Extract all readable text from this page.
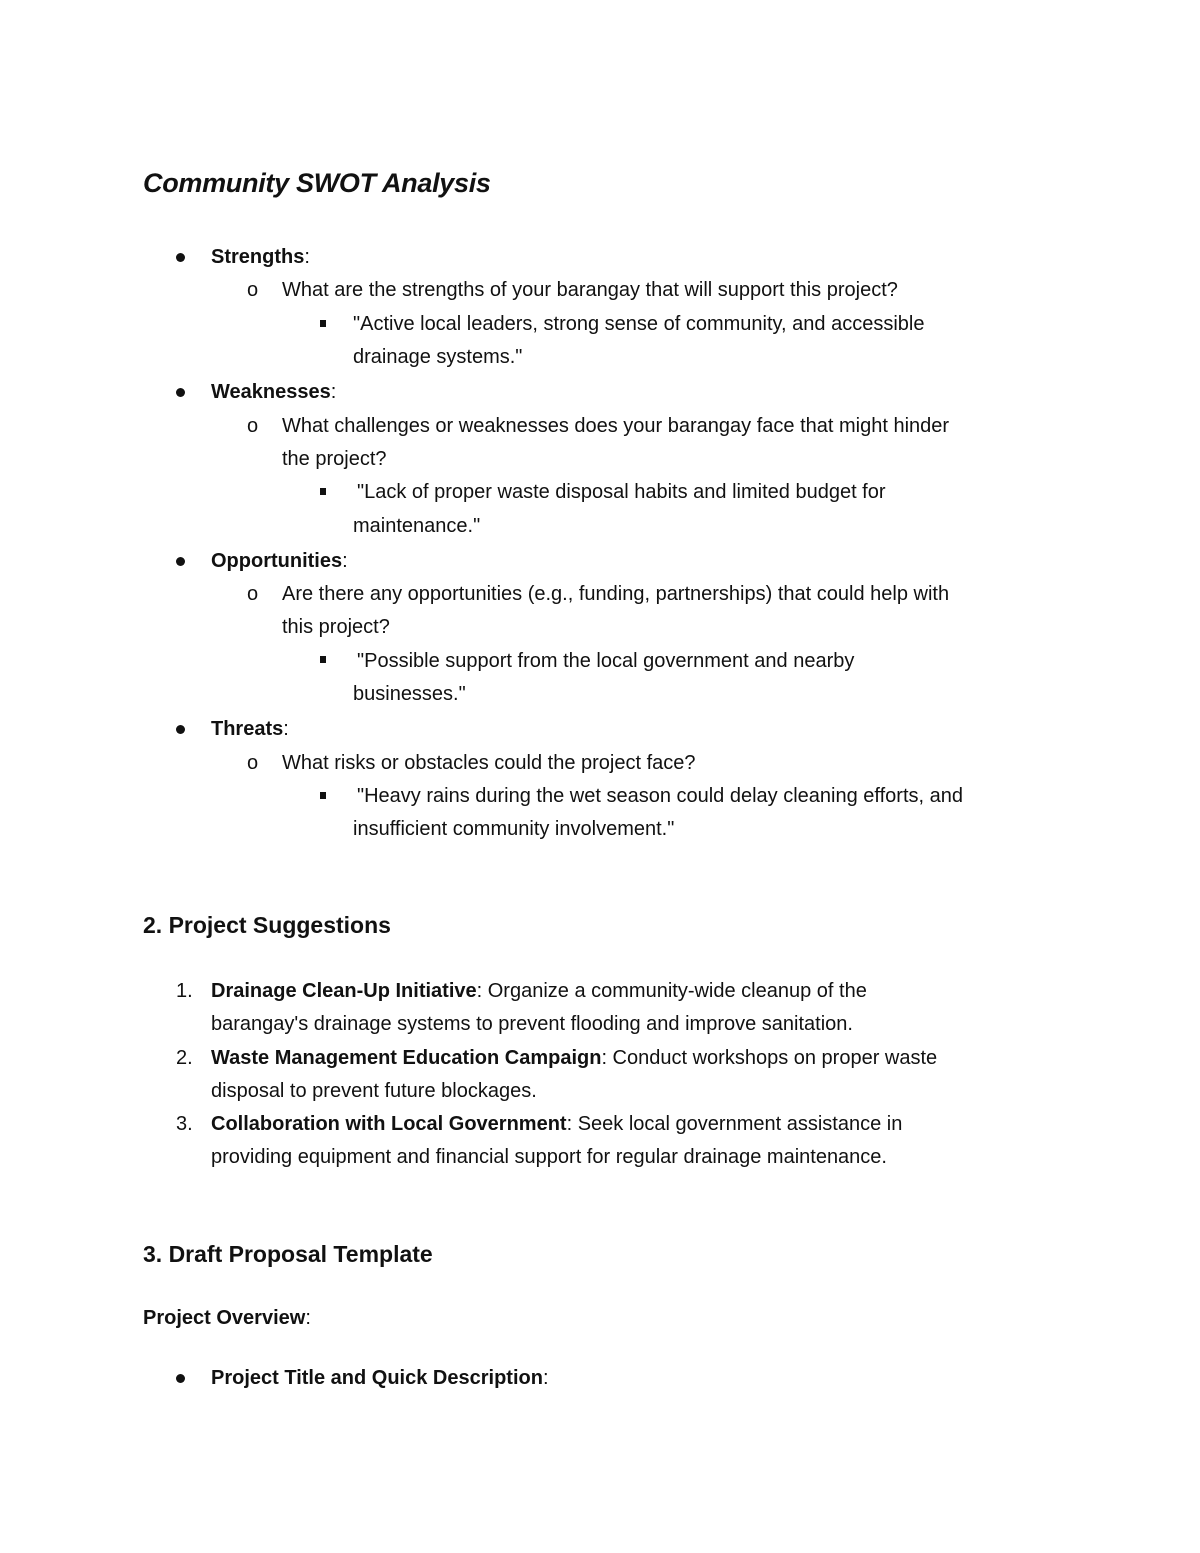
Community SWOT Analysis
Strengths:
o What are the strengths of your barangay that will support this project?
"Active local leaders, strong sense of community, and accessible
drainage systems."
Weaknesses:
o What challenges or weaknesses does your barangay face that might hinder
the project?
"Lack of proper waste disposal habits and limited budget for
maintenance."
Opportunities:
o Are there any opportunities (e.g., funding, partnerships) that could help with
this project?
"Possible support from the local government and nearby
businesses."
Threats:
o What risks or obstacles could the project face?
"Heavy rains during the wet season could delay cleaning efforts, and
insufficient community involvement."
2. Project Suggestions
1. Drainage Clean-Up Initiative: Organize a community-wide cleanup of the
barangay's drainage systems to prevent flooding and improve sanitation.
2. Waste Management Education Campaign: Conduct workshops on proper waste
disposal to prevent future blockages.
3. Collaboration with Local Government: Seek local government assistance in
providing equipment and financial support for regular drainage maintenance.
3. Draft Proposal Template
Project Overview:
Project Title and Quick Description:
